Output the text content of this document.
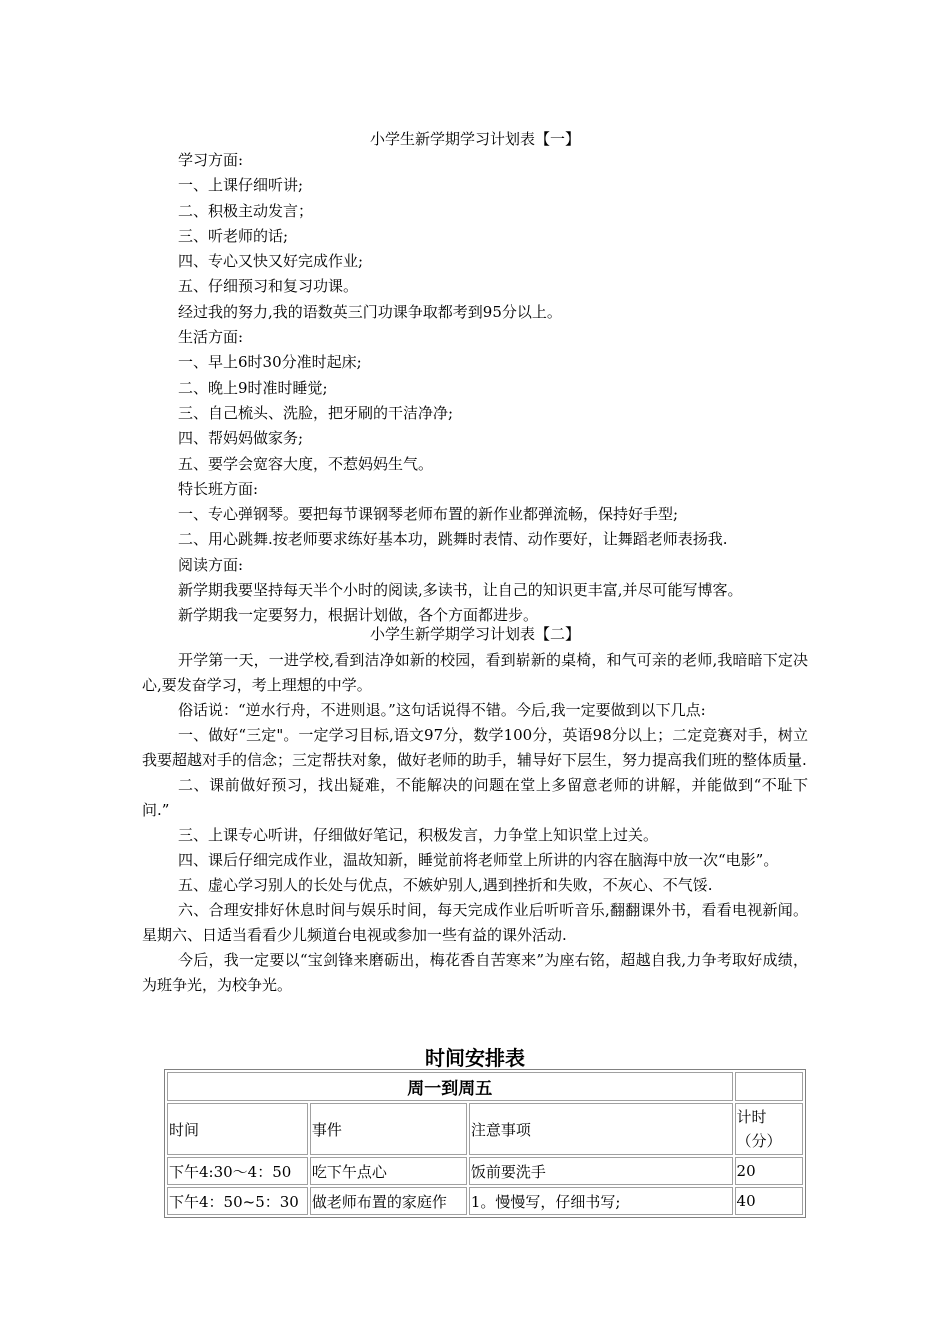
小学生新学期学习计划表【一】
学习方面:
一、上课仔细听讲;
二、积极主动发言；
三、听老师的话;
四、专心又快又好完成作业;
五、仔细预习和复习功课。
经过我的努力,我的语数英三门功课争取都考到95分以上。
生活方面:
一、早上6时30分准时起床;
二、晚上9时准时睡觉;
三、自己梳头、洗脸，把牙刷的干洁净净;
四、帮妈妈做家务;
五、要学会宽容大度，不惹妈妈生气。
特长班方面:
一、专心弹钢琴。要把每节课钢琴老师布置的新作业都弹流畅，保持好手型;
二、用心跳舞.按老师要求练好基本功，跳舞时表情、动作要好，让舞蹈老师表扬我.
阅读方面:
新学期我要坚持每天半个小时的阅读,多读书，让自己的知识更丰富,并尽可能写博客。
新学期我一定要努力，根据计划做，各个方面都进步。
小学生新学期学习计划表【二】

开学第一天，一进学校,看到洁净如新的校园，看到崭新的桌椅，和气可亲的老师,我暗暗下定决心,要发奋学习，考上理想的中学。

俗话说：“逆水行舟，不进则退。”这句话说得不错。今后,我一定要做到以下几点:

一、做好“三定"。一定学习目标,语文97分，数学100分，英语98分以上；二定竞赛对手，树立我要超越对手的信念；三定帮扶对象，做好老师的助手，辅导好下层生，努力提高我们班的整体质量.

二、课前做好预习，找出疑难，不能解决的问题在堂上多留意老师的讲解，并能做到“不耻下问.”

三、上课专心听讲，仔细做好笔记，积极发言，力争堂上知识堂上过关。

四、课后仔细完成作业，温故知新，睡觉前将老师堂上所讲的内容在脑海中放一次“电影”。

五、虚心学习别人的长处与优点，不嫉妒别人,遇到挫折和失败，不灰心、不气馁.

六、合理安排好休息时间与娱乐时间，每天完成作业后听听音乐,翻翻课外书，看看电视新闻。星期六、日适当看看少儿频道台电视或参加一些有益的课外活动.

今后，我一定要以“宝剑锋来磨砺出，梅花香自苦寒来”为座右铭，超越自我,力争考取好成绩，为班争光，为校争光。

时间安排表
周一到周五			
时间	事件	注意事项	计时（分）
下午4:30～4：50	吃下午点心	饭前要洗手	20
下午4：50~5：30	做老师布置的家庭作	1。慢慢写，仔细书写;	40
